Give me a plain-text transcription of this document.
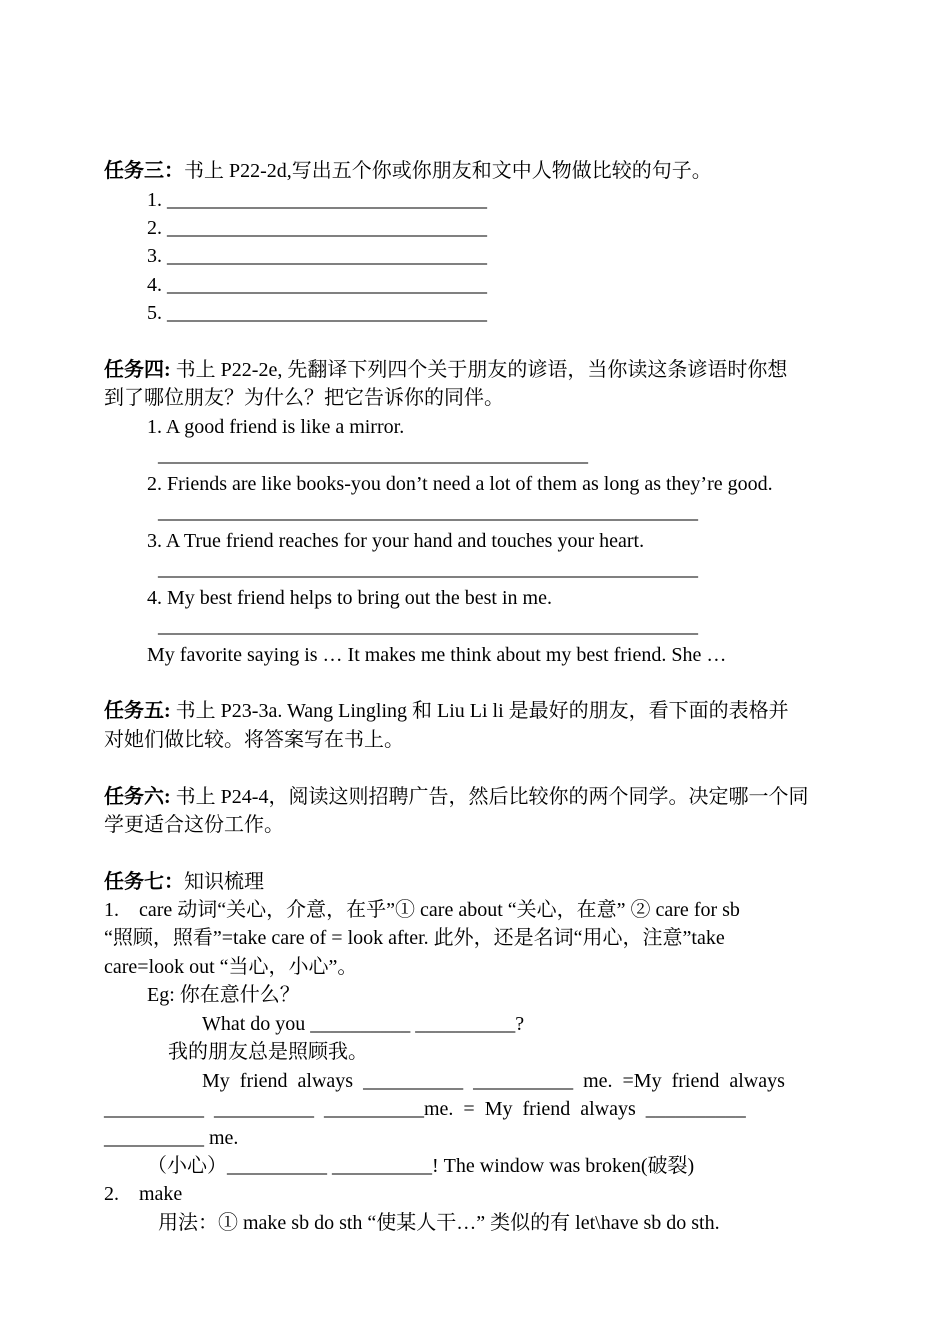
任务三：书上 P22-2d,写出五个你或你朋友和文中人物做比较的句子。
1. ________________________________
2. ________________________________
3. ________________________________
4. ________________________________
5. ________________________________
任务四: 书上 P22-2e, 先翻译下列四个关于朋友的谚语，当你读这条谚语时你想
到了哪位朋友？为什么？把它告诉你的同伴。
1. A good friend is like a mirror.
___________________________________________
2. Friends are like books-you don’t need a lot of them as long as they’re good.
______________________________________________________
3. A True friend reaches for your hand and touches your heart.
______________________________________________________
4. My best friend helps to bring out the best in me.
______________________________________________________
My favorite saying is … It makes me think about my best friend. She …
任务五: 书上 P23-3a. Wang Lingling 和 Liu Li li 是最好的朋友，看下面的表格并
对她们做比较。将答案写在书上。
任务六: 书上 P24-4，阅读这则招聘广告，然后比较你的两个同学。决定哪一个同
学更适合这份工作。
任务七：知识梳理
1.　care 动词“关心，介意，在乎”① care about “关心，在意” ② care for sb
“照顾，照看”=take care of = look after. 此外，还是名词“用心，注意”take
care=look out “当心，小心”。
Eg: 你在意什么？
What do you __________ __________?
我的朋友总是照顾我。
My  friend  always  __________  __________  me.  =My  friend  always
__________  __________  __________me.  =  My  friend  always  __________
__________ me.
（小心）__________ __________! The window was broken(破裂)
2.　make
用法：① make sb do sth “使某人干…” 类似的有 let\have sb do sth.
